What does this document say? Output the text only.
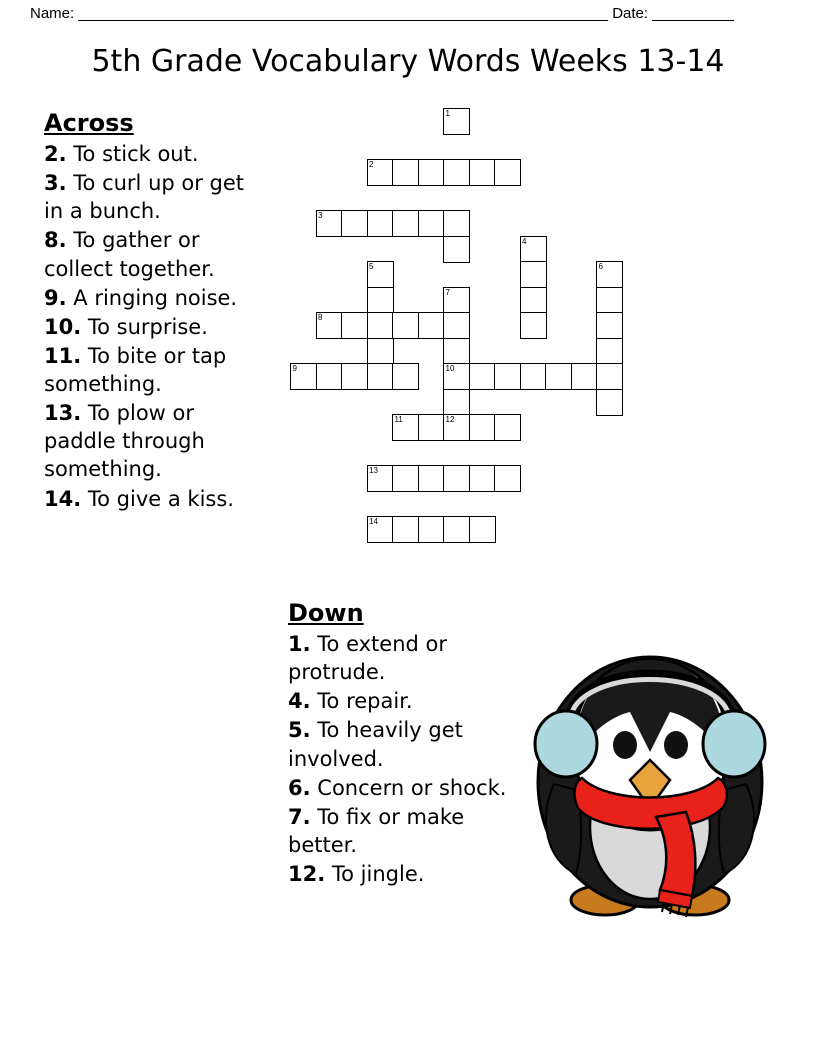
Name:	Date:
5th Grade Vocabulary Words Weeks 13-14
Across
2. To stick out.
3. To curl up or get in a bunch.
8. To gather or collect together.
9. A ringing noise.
10. To surprise.
11. To bite or tap something.
13. To plow or paddle through something.
14. To give a kiss.
Down
1. To extend or protrude.
4. To repair.
5. To heavily get involved.
6. Concern or shock.
7. To fix or make better.
12. To jingle.
1
2
3
4
5	6
7
8
9	10
11	12
13
14
